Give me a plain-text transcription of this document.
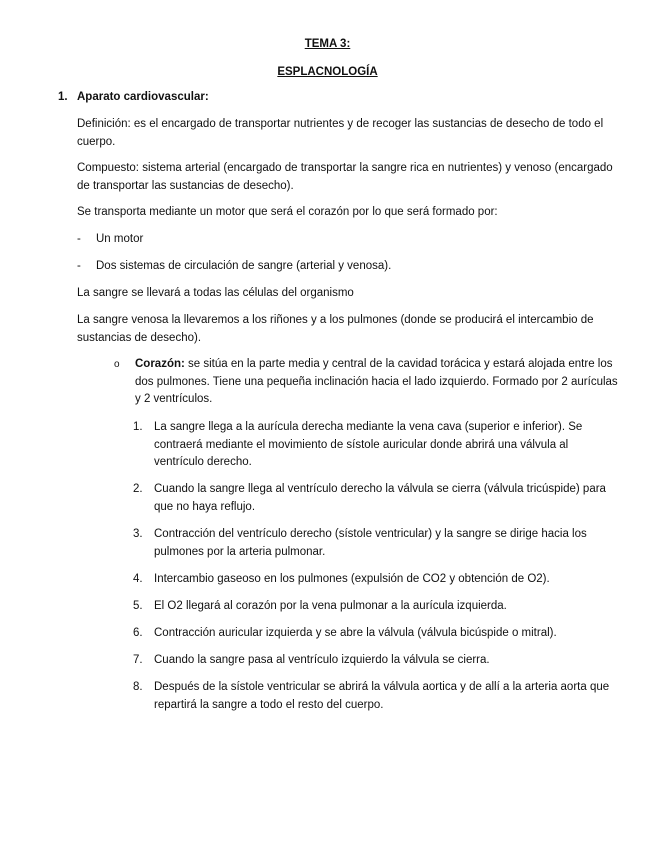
TEMA 3:
ESPLACNOLOGÍA
1. Aparato cardiovascular:
Definición: es el encargado de transportar nutrientes y de recoger las sustancias de desecho de todo el cuerpo.
Compuesto: sistema arterial (encargado de transportar la sangre rica en nutrientes) y venoso (encargado de transportar las sustancias de desecho).
Se transporta mediante un motor que será el corazón por lo que será formado por:
- Un motor
- Dos sistemas de circulación de sangre (arterial y venosa).
La sangre se llevará a todas las células del organismo
La sangre venosa la llevaremos a los riñones y a los pulmones (donde se producirá el intercambio de sustancias de desecho).
o Corazón: se sitúa en la parte media y central de la cavidad torácica y estará alojada entre los dos pulmones. Tiene una pequeña inclinación hacia el lado izquierdo. Formado por 2 aurículas y 2 ventrículos.
1. La sangre llega a la aurícula derecha mediante la vena cava (superior e inferior). Se contraerá mediante el movimiento de sístole auricular donde abrirá una válvula al ventrículo derecho.
2. Cuando la sangre llega al ventrículo derecho la válvula se cierra (válvula tricúspide) para que no haya reflujo.
3. Contracción del ventrículo derecho (sístole ventricular) y la sangre se dirige hacia los pulmones por la arteria pulmonar.
4. Intercambio gaseoso en los pulmones (expulsión de CO2 y obtención de O2).
5. El O2 llegará al corazón por la vena pulmonar a la aurícula izquierda.
6. Contracción auricular izquierda y se abre la válvula (válvula bicúspide o mitral).
7. Cuando la sangre pasa al ventrículo izquierdo la válvula se cierra.
8. Después de la sístole ventricular se abrirá la válvula aortica y de allí a la arteria aorta que repartirá la sangre a todo el resto del cuerpo.
